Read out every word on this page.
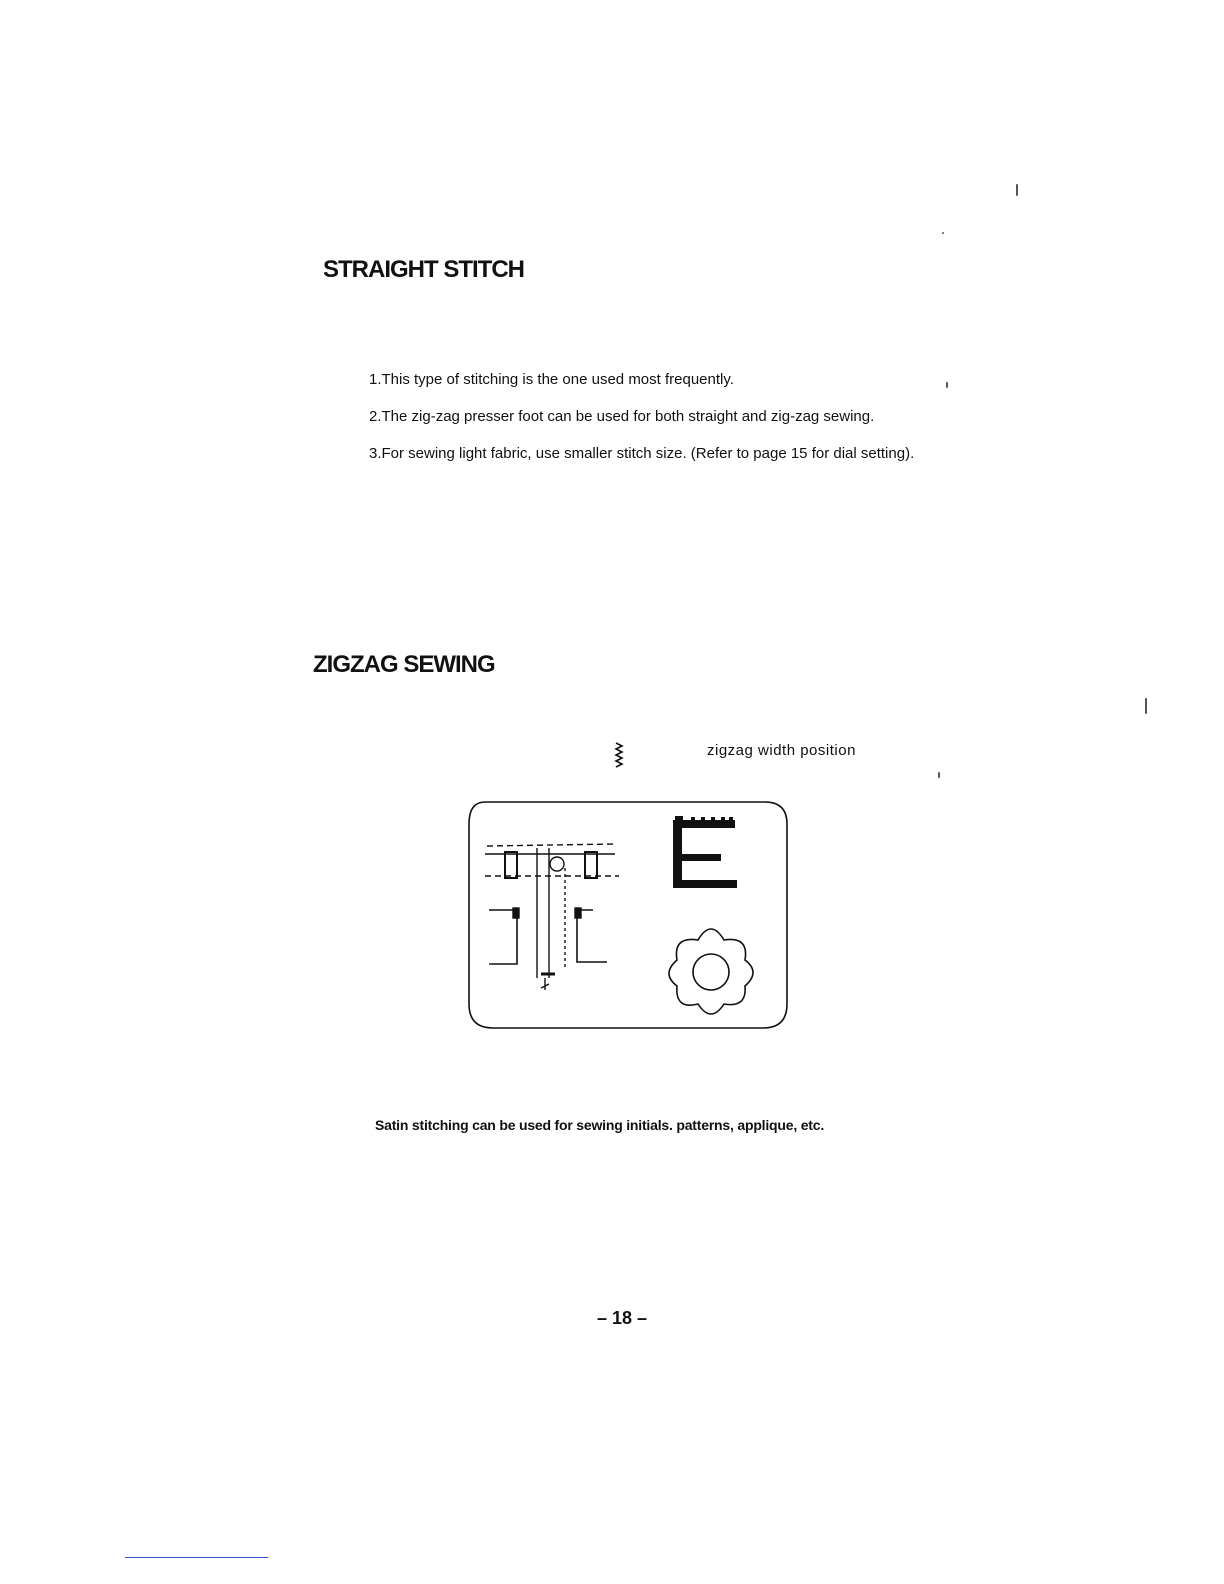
STRAIGHT STITCH
1.This type of stitching is the one used most frequently.
2.The zig-zag presser foot can be used for both straight and zig-zag sewing.
3.For sewing light fabric, use smaller stitch size. (Refer to page 15 for dial setting).
ZIGZAG SEWING
zigzag width position

Satin stitching can be used for sewing initials. patterns, applique, etc.

– 18 –
